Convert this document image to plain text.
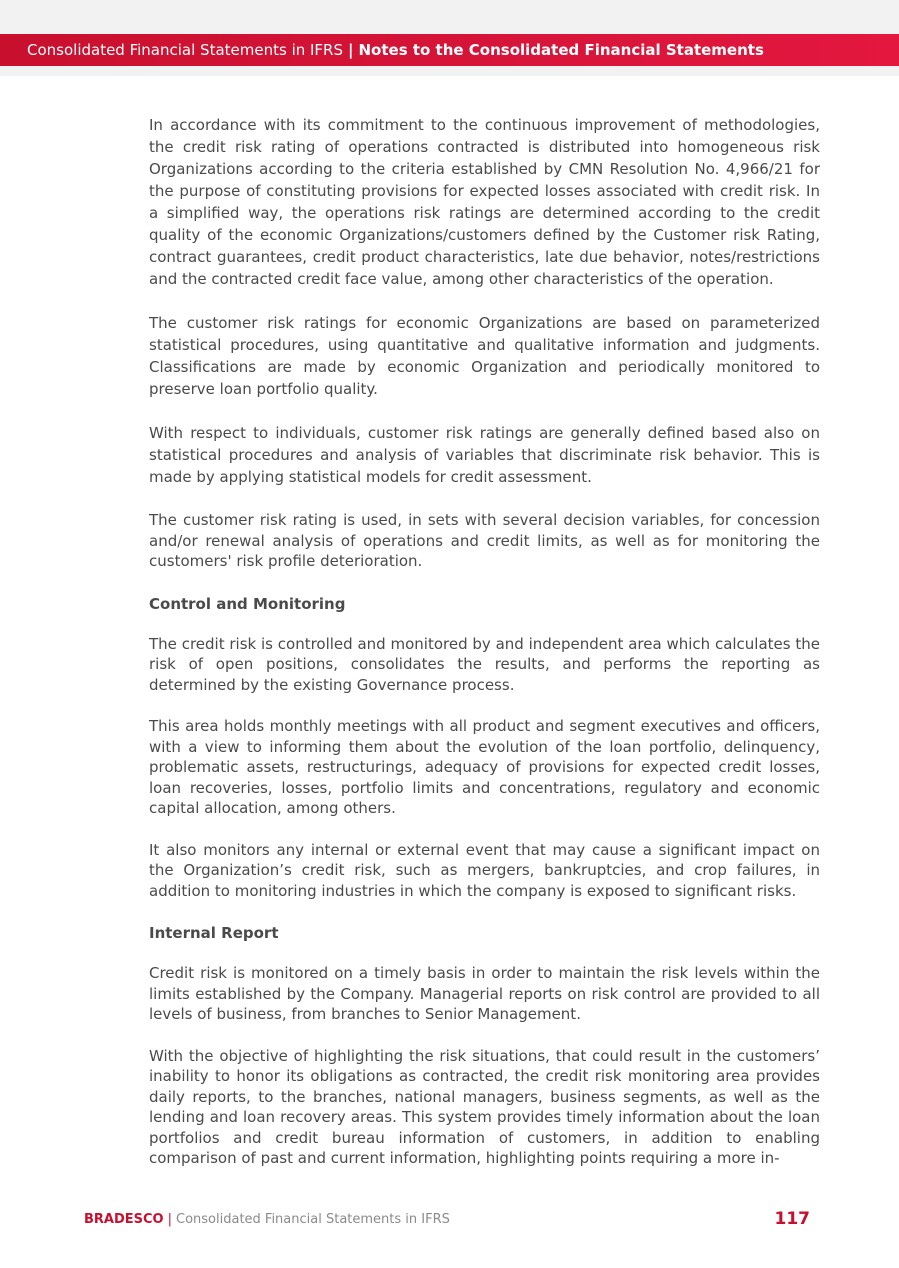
Consolidated Financial Statements in IFRS | Notes to the Consolidated Financial Statements

In accordance with its commitment to the continuous improvement of methodologies, the credit risk rating of operations contracted is distributed into homogeneous risk Organizations according to the criteria established by CMN Resolution No. 4,966/21 for the purpose of constituting provisions for expected losses associated with credit risk. In a simplified way, the operations risk ratings are determined according to the credit quality of the economic Organizations/customers defined by the Customer risk Rating, contract guarantees, credit product characteristics, late due behavior, notes/restrictions and the contracted credit face value, among other characteristics of the operation.

The customer risk ratings for economic Organizations are based on parameterized statistical procedures, using quantitative and qualitative information and judgments. Classifications are made by economic Organization and periodically monitored to preserve loan portfolio quality.

With respect to individuals, customer risk ratings are generally defined based also on statistical procedures and analysis of variables that discriminate risk behavior. This is made by applying statistical models for credit assessment.

The customer risk rating is used, in sets with several decision variables, for concession and/or renewal analysis of operations and credit limits, as well as for monitoring the customers' risk profile deterioration.

Control and Monitoring

The credit risk is controlled and monitored by and independent area which calculates the risk of open positions, consolidates the results, and performs the reporting as determined by the existing Governance process.

This area holds monthly meetings with all product and segment executives and officers, with a view to informing them about the evolution of the loan portfolio, delinquency, problematic assets, restructurings, adequacy of provisions for expected credit losses, loan recoveries, losses, portfolio limits and concentrations, regulatory and economic capital allocation, among others.

It also monitors any internal or external event that may cause a significant impact on the Organization’s credit risk, such as mergers, bankruptcies, and crop failures, in addition to monitoring industries in which the company is exposed to significant risks.

Internal Report

Credit risk is monitored on a timely basis in order to maintain the risk levels within the limits established by the Company. Managerial reports on risk control are provided to all levels of business, from branches to Senior Management.

With the objective of highlighting the risk situations, that could result in the customers’ inability to honor its obligations as contracted, the credit risk monitoring area provides daily reports, to the branches, national managers, business segments, as well as the lending and loan recovery areas. This system provides timely information about the loan portfolios and credit bureau information of customers, in addition to enabling comparison of past and current information, highlighting points requiring a more in-

BRADESCO | Consolidated Financial Statements in IFRS	117
